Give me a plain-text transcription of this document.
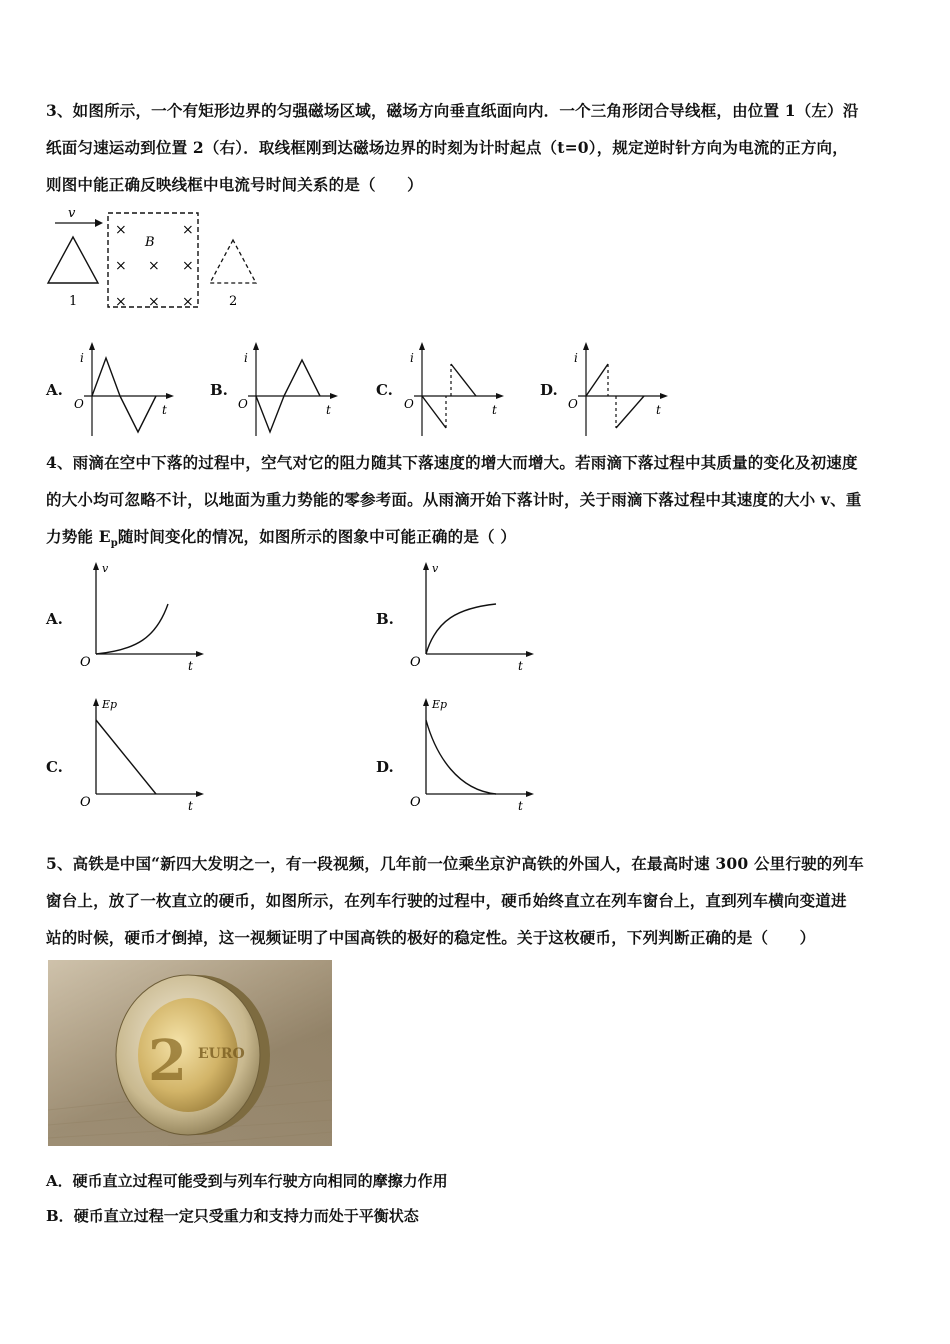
3、如图所示，一个有矩形边界的匀强磁场区域，磁场方向垂直纸面向内．一个三角形闭合导线框，由位置 1（左）沿
纸面匀速运动到位置 2（右）．取线框刚到达磁场边界的时刻为计时起点（t=0），规定逆时针方向为电流的正方向，
则图中能正确反映线框中电流号时间关系的是（　　）
v
1
B
×
×
×
×
×
×
×
×	2
A.
i
O	t
B.
i
O	t
C.
i
O	t
D.
i
O	t
4、雨滴在空中下落的过程中，空气对它的阻力随其下落速度的增大而增大。若雨滴下落过程中其质量的变化及初速度
的大小均可忽略不计，以地面为重力势能的零参考面。从雨滴开始下落计时，关于雨滴下落过程中其速度的大小 v、重
力势能 $E_p$随时间变化的情况，如图所示的图象中可能正确的是（ ）
A.
v
O	t
B.
v
O	t
C.
Ep
O	t
D.
Ep
O	t
5、高铁是中国“新四大发明之一，有一段视频，几年前一位乘坐京沪高铁的外国人，在最高时速 300 公里行驶的列车
窗台上，放了一枚直立的硬币，如图所示，在列车行驶的过程中，硬币始终直立在列车窗台上，直到列车横向变道进
站的时候，硬币才倒掉，这一视频证明了中国高铁的极好的稳定性。关于这枚硬币，下列判断正确的是（　　）
2 EURO
A．硬币直立过程可能受到与列车行驶方向相同的摩擦力作用
B．硬币直立过程一定只受重力和支持力而处于平衡状态
